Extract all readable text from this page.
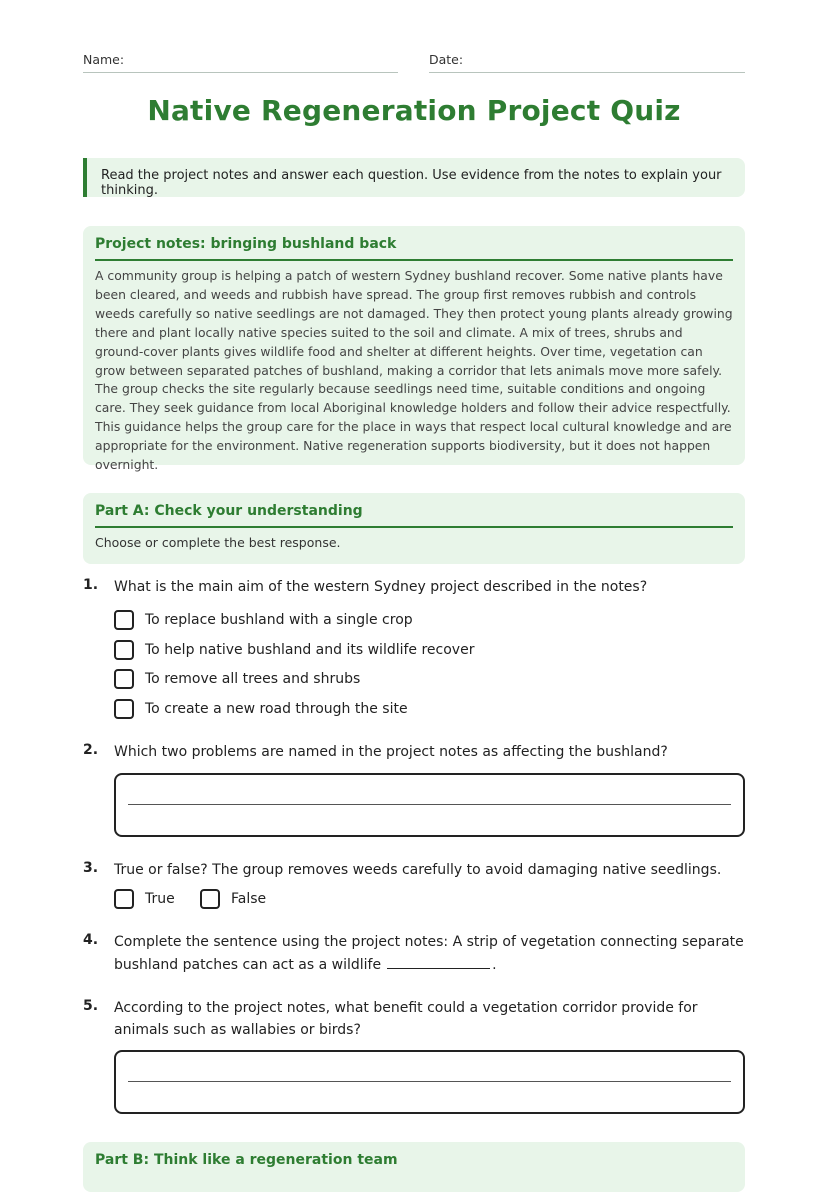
Name:	Date:
Native Regeneration Project Quiz
Read the project notes and answer each question. Use evidence from the notes to explain your thinking.
Project notes: bringing bushland back
A community group is helping a patch of western Sydney bushland recover. Some native plants have been cleared, and weeds and rubbish have spread. The group first removes rubbish and controls weeds carefully so native seedlings are not damaged. They then protect young plants already growing there and plant locally native species suited to the soil and climate. A mix of trees, shrubs and ground-cover plants gives wildlife food and shelter at different heights. Over time, vegetation can grow between separated patches of bushland, making a corridor that lets animals move more safely. The group checks the site regularly because seedlings need time, suitable conditions and ongoing care. They seek guidance from local Aboriginal knowledge holders and follow their advice respectfully. This guidance helps the group care for the place in ways that respect local cultural knowledge and are appropriate for the environment. Native regeneration supports biodiversity, but it does not happen overnight.
Part A: Check your understanding
Choose or complete the best response.
1. What is the main aim of the western Sydney project described in the notes?
To replace bushland with a single crop
To help native bushland and its wildlife recover
To remove all trees and shrubs
To create a new road through the site
2. Which two problems are named in the project notes as affecting the bushland?
3. True or false? The group removes weeds carefully to avoid damaging native seedlings.
True	False
4. Complete the sentence using the project notes: A strip of vegetation connecting separate bushland patches can act as a wildlife	.
5. According to the project notes, what benefit could a vegetation corridor provide for animals such as wallabies or birds?
Part B: Think like a regeneration team
